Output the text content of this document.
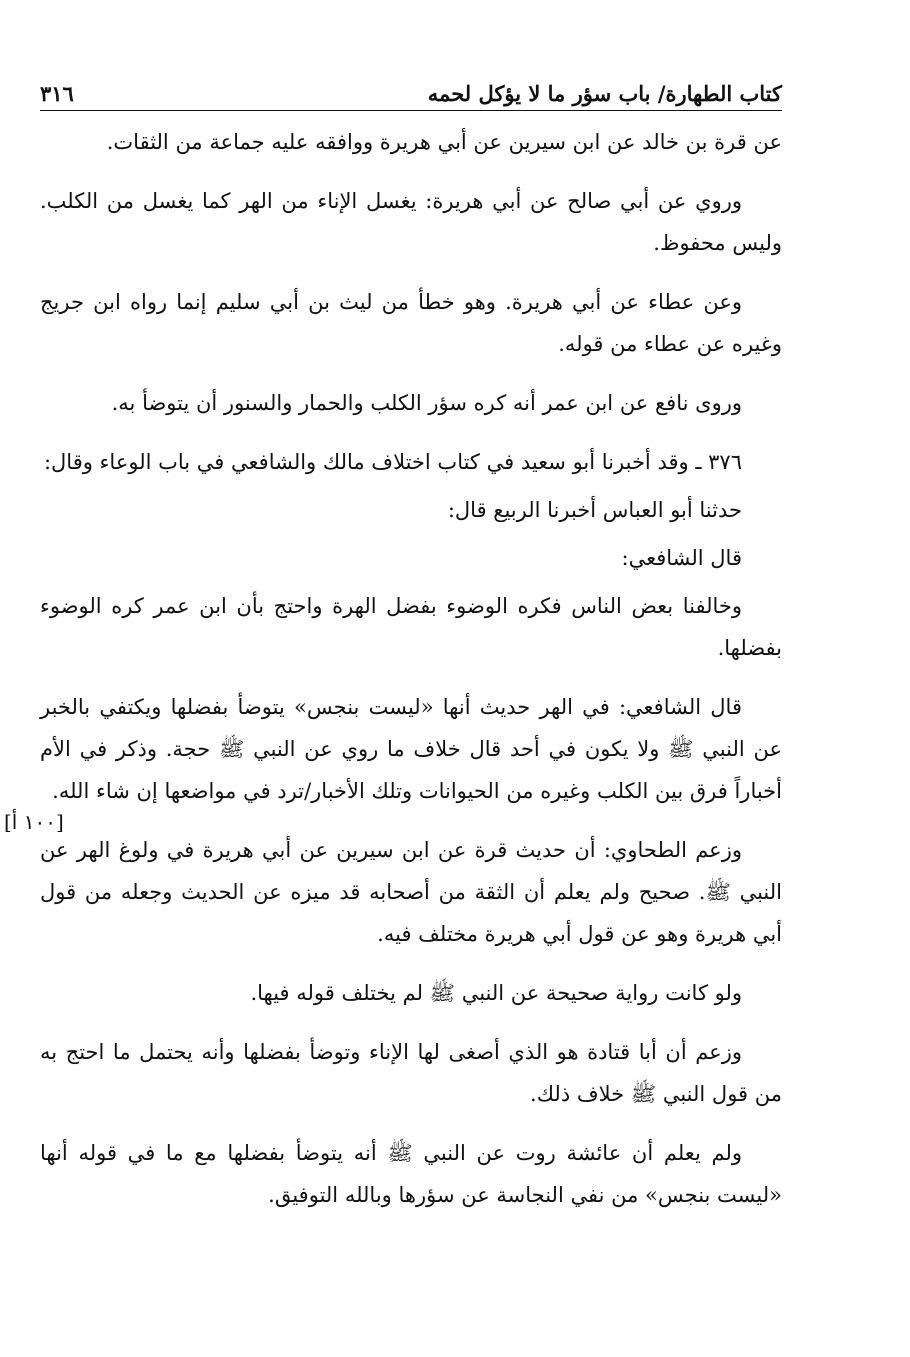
كتاب الطهارة/ باب سؤر ما لا يؤكل لحمه
٣١٦

عن قرة بن خالد عن ابن سيرين عن أبي هريرة ووافقه عليه جماعة من الثقات.

وروي عن أبي صالح عن أبي هريرة: يغسل الإناء من الهر كما يغسل من الكلب. وليس محفوظ.

وعن عطاء عن أبي هريرة. وهو خطأ من ليث بن أبي سليم إنما رواه ابن جريج وغيره عن عطاء من قوله.

وروى نافع عن ابن عمر أنه كره سؤر الكلب والحمار والسنور أن يتوضأ به.

٣٧٦ ـ وقد أخبرنا أبو سعيد في كتاب اختلاف مالك والشافعي في باب الوعاء وقال:

حدثنا أبو العباس أخبرنا الربيع قال:

قال الشافعي:

وخالفنا بعض الناس فكره الوضوء بفضل الهرة واحتج بأن ابن عمر كره الوضوء بفضلها.

قال الشافعي: في الهر حديث أنها «ليست بنجس» يتوضأ بفضلها ويكتفي بالخبر عن النبي ﷺ ولا يكون في أحد قال خلاف ما روي عن النبي ﷺ حجة. وذكر في الأم أخباراً فرق بين الكلب وغيره من الحيوانات وتلك الأخبار/ترد في مواضعها إن شاء الله.

وزعم الطحاوي: أن حديث قرة عن ابن سيرين عن أبي هريرة في ولوغ الهر عن النبي ﷺ. صحيح ولم يعلم أن الثقة من أصحابه قد ميزه عن الحديث وجعله من قول أبي هريرة وهو عن قول أبي هريرة مختلف فيه.

ولو كانت رواية صحيحة عن النبي ﷺ لم يختلف قوله فيها.

وزعم أن أبا قتادة هو الذي أصغى لها الإناء وتوضأ بفضلها وأنه يحتمل ما احتج به من قول النبي ﷺ خلاف ذلك.

ولم يعلم أن عائشة روت عن النبي ﷺ أنه يتوضأ بفضلها مع ما في قوله أنها «ليست بنجس» من نفي النجاسة عن سؤرها وبالله التوفيق.

[١٠٠ أ]
